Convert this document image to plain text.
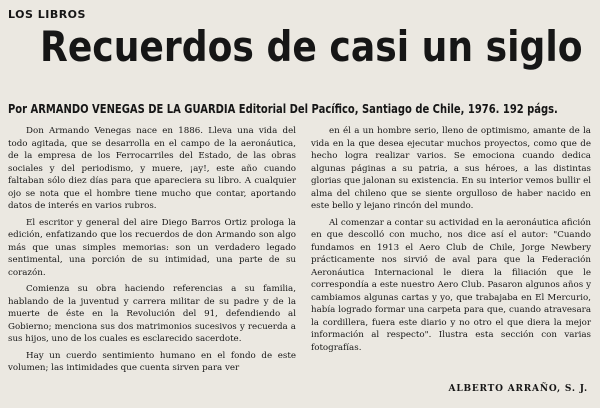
LOS LIBROS
Recuerdos de casi un siglo
Por ARMANDO VENEGAS DE LA GUARDIA Editorial Del Pacífico, Santiago de Chile, 1976. 192 págs.

Don Armando Venegas nace en 1886. Lleva una vida del todo agitada, que se desarrolla en el campo de la aeronáutica, de la empresa de los Ferrocarriles del Estado, de las obras sociales y del periodismo, y muere, ¡ay!, este año cuando faltaban sólo diez días para que apareciera su libro. A cualquier ojo se nota que el hombre tiene mucho que contar, aportando datos de interés en varios rubros.

El escritor y general del aire Diego Barros Ortiz prologa la edición, enfatizando que los recuerdos de don Armando son algo más que unas simples memorias: son un verdadero legado sentimental, una porción de su intimidad, una parte de su corazón.

Comienza su obra haciendo referencias a su familia, hablando de la juventud y carrera militar de su padre y de la muerte de éste en la Revolución del 91, defendiendo al Gobierno; menciona sus dos matrimonios sucesivos y recuerda a sus hijos, uno de los cuales es esclarecido sacerdote.

Hay un cuerdo sentimiento humano en el fondo de este volumen; las intimidades que cuenta sirven para ver

en él a un hombre serio, lleno de optimismo, amante de la vida en la que desea ejecutar muchos proyectos, como que de hecho logra realizar varios. Se emociona cuando dedica algunas páginas a su patria, a sus héroes, a las distintas glorias que jalonan su existencia. En su interior vemos bullir el alma del chileno que se siente orgulloso de haber nacido en este bello y lejano rincón del mundo.

Al comenzar a contar su actividad en la aeronáutica afición en que descolló con mucho, nos dice así el autor: "Cuando fundamos en 1913 el Aero Club de Chile, Jorge Newbery prácticamente nos sirvió de aval para que la Federación Aeronáutica Internacional le diera la filiación que le correspondía a este nuestro Aero Club. Pasaron algunos años y cambiamos algunas cartas y yo, que trabajaba en El Mercurio, había logrado formar una carpeta para que, cuando atravesara la cordillera, fuera este diario y no otro el que diera la mejor información al respecto". Ilustra esta sección con varias fotografías.

ALBERTO ARRAÑO, S. J.
